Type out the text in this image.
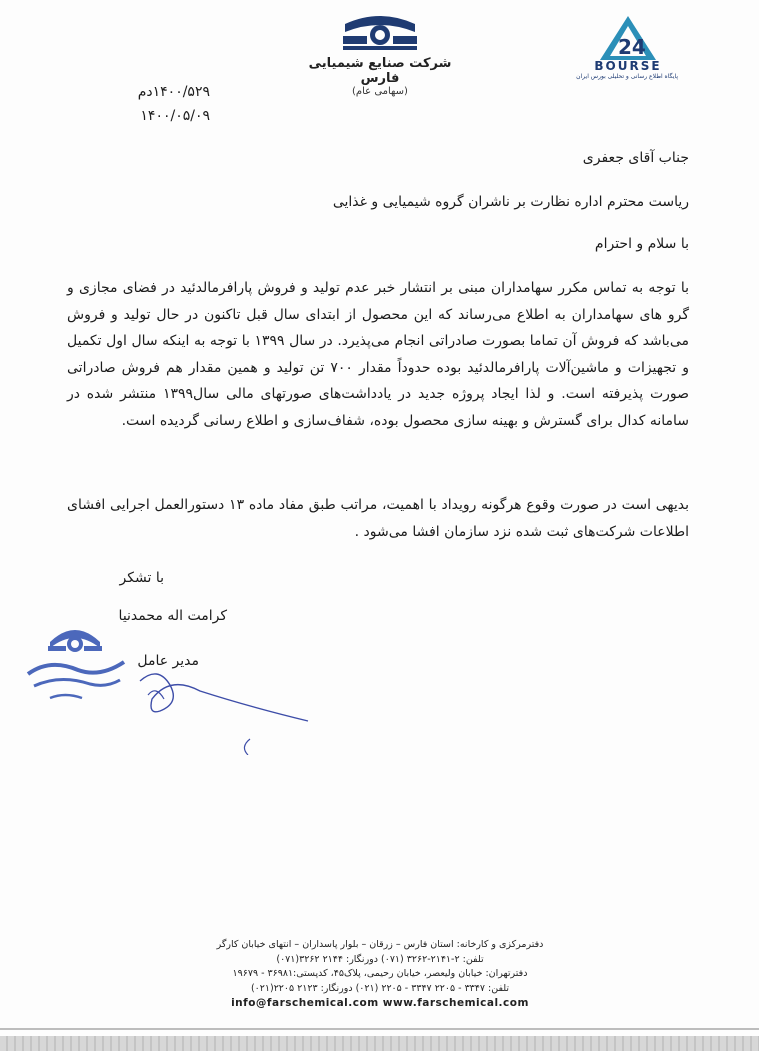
شرکت صنایع شیمیایی فارس
(سهامی عام)
24
BOURSE
پایگاه اطلاع رسانی و تحلیلی بورس ایران
۱۴۰۰/۵۲۹دم
۱۴۰۰/۰۵/۰۹
جناب آقای جعفری
ریاست محترم اداره نظارت بر ناشران گروه شیمیایی و غذایی
با سلام و احترام
با توجه به تماس مکرر سهامداران مبنی بر انتشار خبر عدم تولید و فروش پارافرمالدئید در فضای مجازی و گرو های سهامداران به اطلاع می‌رساند که این محصول از ابتدای سال قبل تاکنون در حال تولید و فروش می‌باشد که فروش آن تماما بصورت صادراتی انجام می‌پذیرد. در سال ۱۳۹۹ با توجه به اینکه سال اول تکمیل و تجهیزات و ماشین‌آلات پارافرمالدئید بوده حدوداً مقدار ۷۰۰ تن تولید و همین مقدار هم فروش صادراتی صورت پذیرفته است. و لذا ایجاد پروژه جدید در یادداشت‌های صورتهای مالی سال۱۳۹۹ منتشر شده در سامانه کدال برای گسترش و بهینه سازی محصول بوده، شفاف‌سازی و اطلاع رسانی گردیده است.
بدیهی است در صورت وقوع هرگونه رویداد با اهمیت، مراتب طبق مفاد ماده ۱۳ دستورالعمل اجرایی افشای اطلاعات شرکت‌های ثبت شده نزد سازمان افشا می‌شود .
با تشکر
کرامت اله محمدنیا
مدیر عامل
دفترمرکزی و کارخانه: استان فارس – زرقان – بلوار پاسداران – انتهای خیابان کارگر
تلفن: ۲-۲۱۴۱-۳۲۶۲ (۰۷۱) دورنگار: ۲۱۴۴ ۳۲۶۲(۰۷۱)
دفترتهران: خیابان ولیعصر، خیابان رحیمی، پلاک۴۵، کدپستی:۳۶۹۸۱ - ۱۹۶۷۹
تلفن: ۳۳۴۷ - ۲۲۰۵ ۳۳۴۷ - ۲۲۰۵ (۰۲۱) دورنگار: ۲۱۲۳ ۲۲۰۵(۰۲۱)
info@farschemical.com www.farschemical.com
